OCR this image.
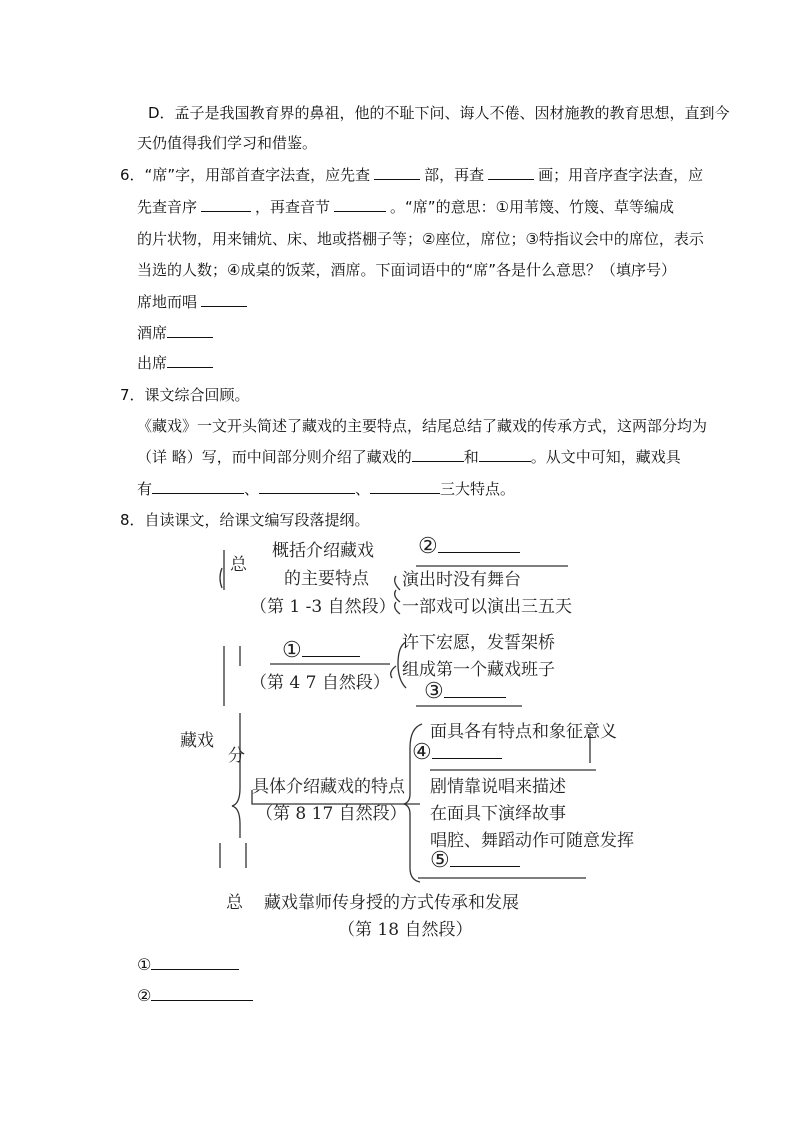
D．孟子是我国教育界的鼻祖，他的不耻下问、诲人不倦、因材施教的教育思想，直到今
天仍值得我们学习和借鉴。
6．“席”字，用部首查字法查，应先查	部，再查	画；用音序查字法查，应
先查音序	，再查音节	。“席”的意思：①用苇篾、竹篾、草等编成
的片状物，用来铺炕、床、地或搭棚子等；②座位，席位；③特指议会中的席位，表示
当选的人数；④成桌的饭菜，酒席。下面词语中的“席”各是什么意思？（填序号）
席地而唱
酒席
出席
7．课文综合回顾。
《藏戏》一文开头简述了藏戏的主要特点，结尾总结了藏戏的传承方式，这两部分均为
（详 略）写，而中间部分则介绍了藏戏的	和	。从文中可知，藏戏具
有	、	、	三大特点。
8．自读课文，给课文编写段落提纲。
总
概括介绍藏戏
的主要特点
（第 1 -3 自然段）
②
演出时没有舞台
一部戏可以演出三五天
藏戏
分
①
（第 4 7 自然段）
许下宏愿，发誓架桥
组成第一个藏戏班子
③
面具各有特点和象征意义
④
具体介绍藏戏的特点
（第 8 17 自然段）
剧情靠说唱来描述
在面具下演绎故事
唱腔、舞蹈动作可随意发挥
⑤
总 藏戏靠师传身授的方式传承和发展
（第 18 自然段）
①
②
